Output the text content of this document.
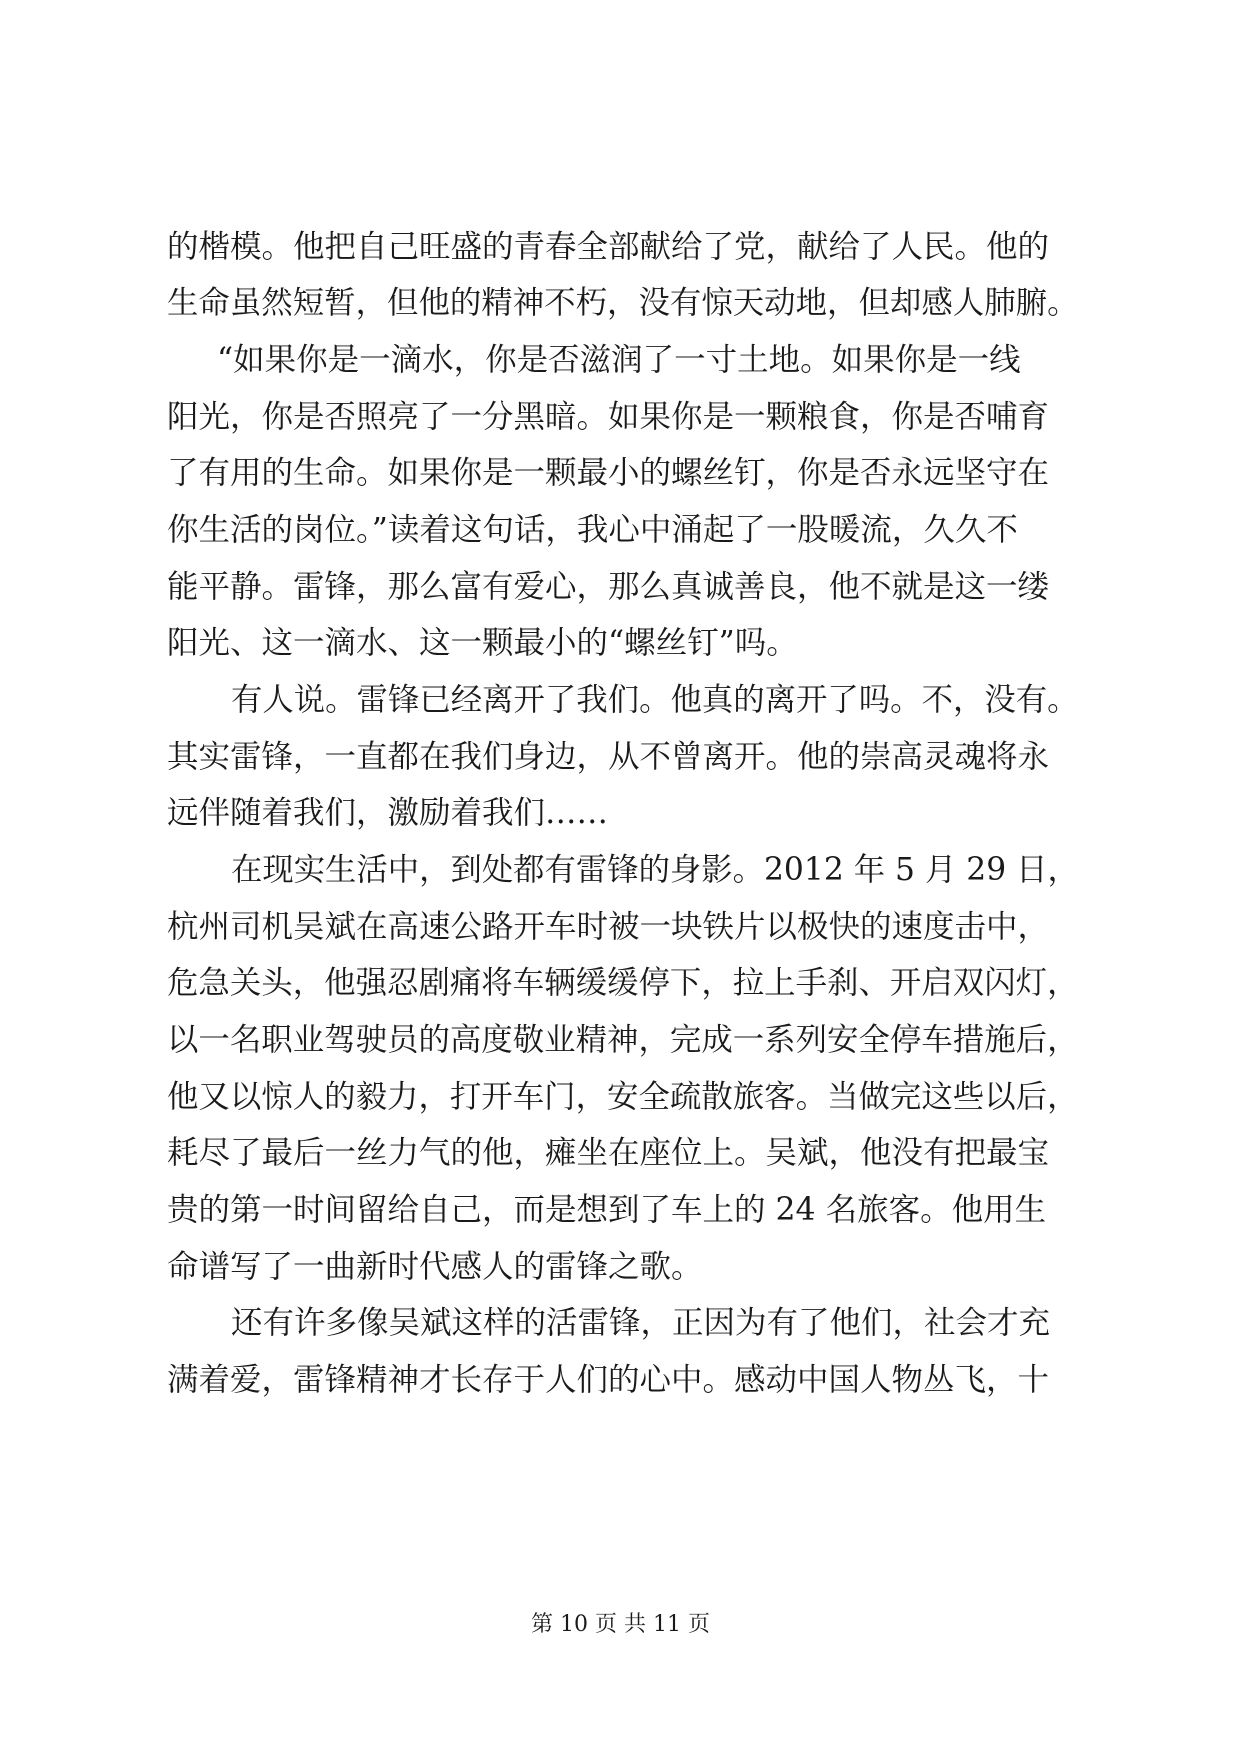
的楷模。他把自己旺盛的青春全部献给了党，献给了人民。他的
生命虽然短暂，但他的精神不朽，没有惊天动地，但却感人肺腑。
“如果你是一滴水，你是否滋润了一寸土地。如果你是一线
阳光，你是否照亮了一分黑暗。如果你是一颗粮食，你是否哺育
了有用的生命。如果你是一颗最小的螺丝钉，你是否永远坚守在
你生活的岗位。”读着这句话，我心中涌起了一股暖流，久久不
能平静。雷锋，那么富有爱心，那么真诚善良，他不就是这一缕
阳光、这一滴水、这一颗最小的“螺丝钉”吗。
有人说。雷锋已经离开了我们。他真的离开了吗。不，没有。
其实雷锋，一直都在我们身边，从不曾离开。他的崇高灵魂将永
远伴随着我们，激励着我们……
在现实生活中，到处都有雷锋的身影。2012 年 5 月 29 日，
杭州司机吴斌在高速公路开车时被一块铁片以极快的速度击中，
危急关头，他强忍剧痛将车辆缓缓停下，拉上手刹、开启双闪灯，
以一名职业驾驶员的高度敬业精神，完成一系列安全停车措施后，
他又以惊人的毅力，打开车门，安全疏散旅客。当做完这些以后，
耗尽了最后一丝力气的他，瘫坐在座位上。吴斌，他没有把最宝
贵的第一时间留给自己，而是想到了车上的 24 名旅客。他用生
命谱写了一曲新时代感人的雷锋之歌。
还有许多像吴斌这样的活雷锋，正因为有了他们，社会才充
满着爱，雷锋精神才长存于人们的心中。感动中国人物丛飞，十
第 10 页 共 11 页
